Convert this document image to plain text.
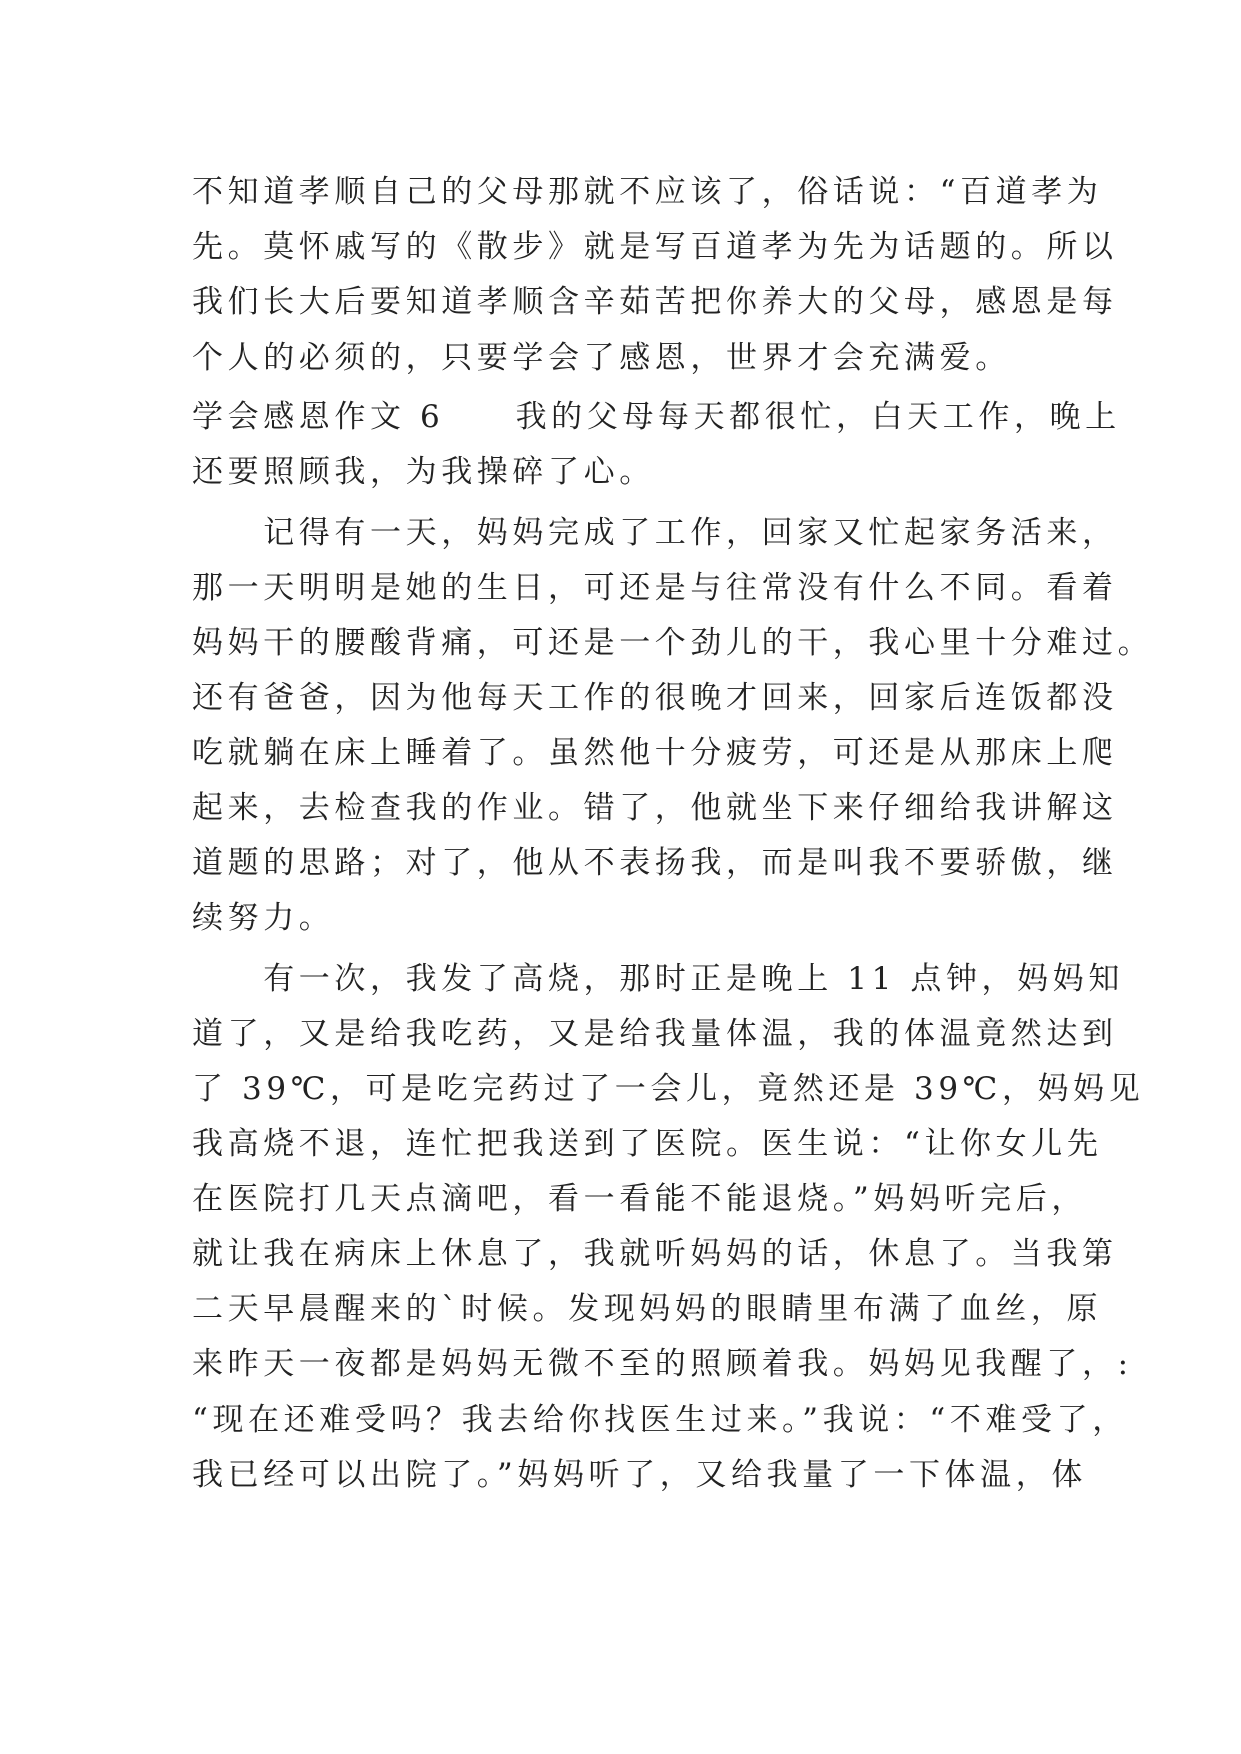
不知道孝顺自己的父母那就不应该了，俗话说：“百道孝为
先。莫怀戚写的《散步》就是写百道孝为先为话题的。所以
我们长大后要知道孝顺含辛茹苦把你养大的父母，感恩是每
个人的必须的，只要学会了感恩，世界才会充满爱。
学会感恩作文 6　　我的父母每天都很忙，白天工作，晚上
还要照顾我，为我操碎了心。
　　记得有一天，妈妈完成了工作，回家又忙起家务活来，
那一天明明是她的生日，可还是与往常没有什么不同。看着
妈妈干的腰酸背痛，可还是一个劲儿的干，我心里十分难过。
还有爸爸，因为他每天工作的很晚才回来，回家后连饭都没
吃就躺在床上睡着了。虽然他十分疲劳，可还是从那床上爬
起来，去检查我的作业。错了，他就坐下来仔细给我讲解这
道题的思路；对了，他从不表扬我，而是叫我不要骄傲，继
续努力。
　　有一次，我发了高烧，那时正是晚上 11 点钟，妈妈知
道了，又是给我吃药，又是给我量体温，我的体温竟然达到
了 39℃，可是吃完药过了一会儿，竟然还是 39℃，妈妈见
我高烧不退，连忙把我送到了医院。医生说：“让你女儿先
在医院打几天点滴吧，看一看能不能退烧。”妈妈听完后，
就让我在病床上休息了，我就听妈妈的话，休息了。当我第
二天早晨醒来的`时候。发现妈妈的眼睛里布满了血丝，原
来昨天一夜都是妈妈无微不至的照顾着我。妈妈见我醒了，:
“现在还难受吗？我去给你找医生过来。”我说：“不难受了，
我已经可以出院了。”妈妈听了，又给我量了一下体温，体
